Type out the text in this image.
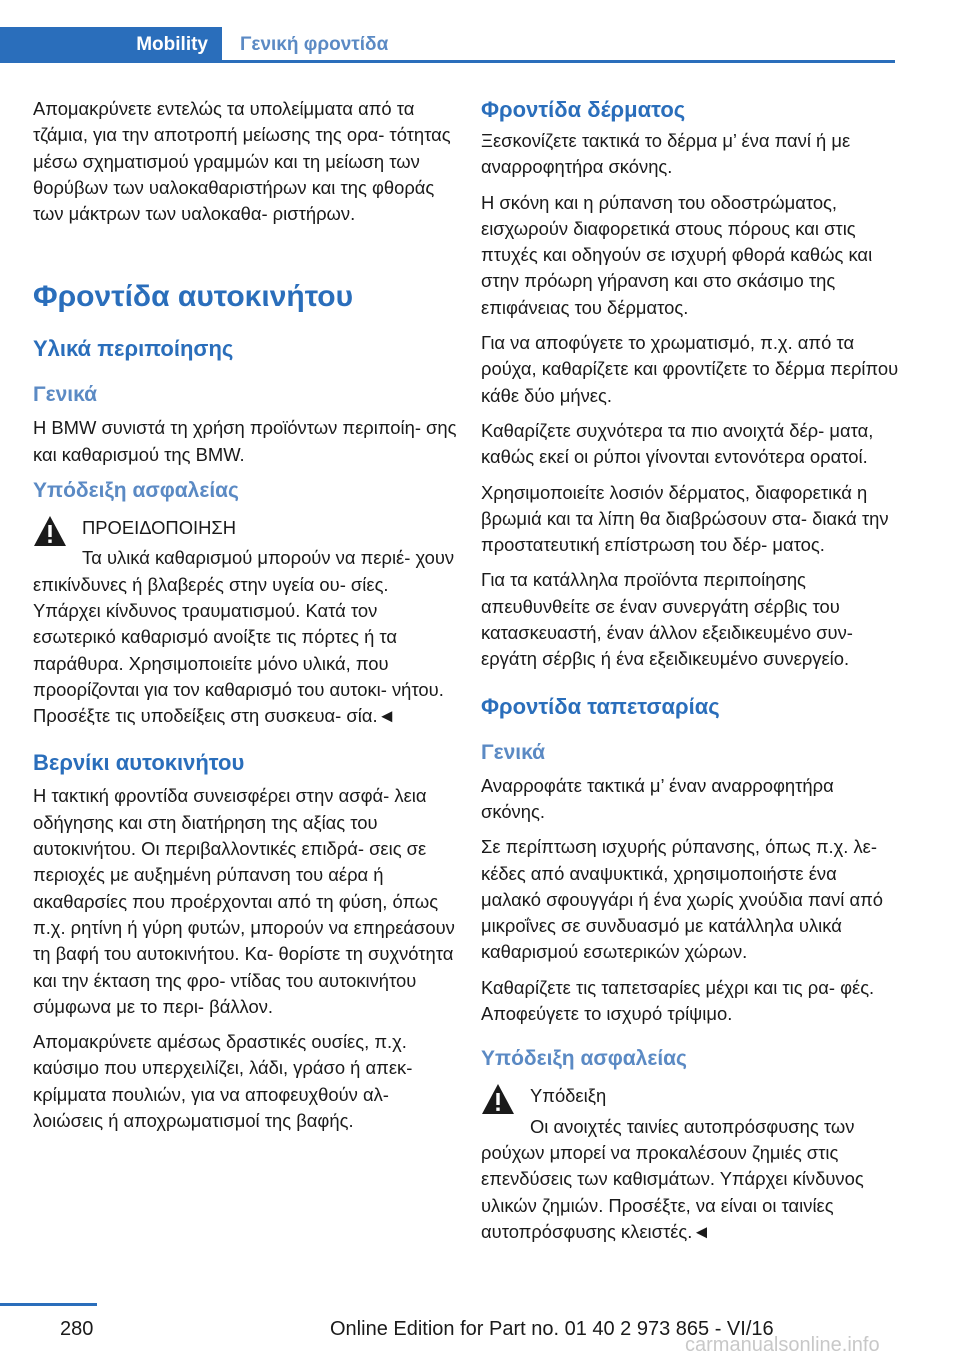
Mobility	Γενική φροντίδα

Απομακρύνετε εντελώς τα υπολείμματα από τα τζάμια, για την αποτροπή μείωσης της ορα- τότητας μέσω σχηματισμού γραμμών και τη μείωση των θορύβων των υαλοκαθαριστήρων και της φθοράς των μάκτρων των υαλοκαθα- ριστήρων.

Φροντίδα αυτοκινήτου
Υλικά περιποίησης
Γενικά

Η BMW συνιστά τη χρήση προϊόντων περιποίη- σης και καθαρισμού της BMW.

Υπόδειξη ασφαλείας

ΠΡΟΕΙΔΟΠΟΙΗΣΗ

Τα υλικά καθαρισμού μπορούν να περιέ- χουν επικίνδυνες ή βλαβερές στην υγεία ου- σίες. Υπάρχει κίνδυνος τραυματισμού. Κατά τον εσωτερικό καθαρισμό ανοίξτε τις πόρτες ή τα παράθυρα. Χρησιμοποιείτε μόνο υλικά, που προορίζονται για τον καθαρισμό του αυτοκι- νήτου. Προσέξτε τις υποδείξεις στη συσκευα- σία.◄

Βερνίκι αυτοκινήτου

Η τακτική φροντίδα συνεισφέρει στην ασφά- λεια οδήγησης και στη διατήρηση της αξίας του αυτοκινήτου. Οι περιβαλλοντικές επιδρά- σεις σε περιοχές με αυξημένη ρύπανση του αέρα ή ακαθαρσίες που προέρχονται από τη φύση, όπως π.χ. ρητίνη ή γύρη φυτών, μπορούν να επηρεάσουν τη βαφή του αυτοκινήτου. Κα- θορίστε τη συχνότητα και την έκταση της φρο- ντίδας του αυτοκινήτου σύμφωνα με το περι- βάλλον.

Απομακρύνετε αμέσως δραστικές ουσίες, π.χ. καύσιμο που υπερχειλίζει, λάδι, γράσο ή απεκ- κρίμματα πουλιών, για να αποφευχθούν αλ- λοιώσεις ή αποχρωματισμοί της βαφής.

Φροντίδα δέρματος

Ξεσκονίζετε τακτικά το δέρμα μ’ ένα πανί ή με αναρροφητήρα σκόνης.

Η σκόνη και η ρύπανση του οδοστρώματος, εισχωρούν διαφορετικά στους πόρους και στις πτυχές και οδηγούν σε ισχυρή φθορά καθώς και στην πρόωρη γήρανση και στο σκάσιμο της επιφάνειας του δέρματος.

Για να αποφύγετε το χρωματισμό, π.χ. από τα ρούχα, καθαρίζετε και φροντίζετε το δέρμα περίπου κάθε δύο μήνες.

Καθαρίζετε συχνότερα τα πιο ανοιχτά δέρ- ματα, καθώς εκεί οι ρύποι γίνονται εντονότερα ορατοί.

Χρησιμοποιείτε λοσιόν δέρματος, διαφορετικά η βρωμιά και τα λίπη θα διαβρώσουν στα- διακά την προστατευτική επίστρωση του δέρ- ματος.

Για τα κατάλληλα προϊόντα περιποίησης απευθυνθείτε σε έναν συνεργάτη σέρβις του κατασκευαστή, έναν άλλον εξειδικευμένο συν- εργάτη σέρβις ή ένα εξειδικευμένο συνεργείο.

Φροντίδα ταπετσαρίας
Γενικά

Αναρροφάτε τακτικά μ’ έναν αναρροφητήρα σκόνης.

Σε περίπτωση ισχυρής ρύπανσης, όπως π.χ. λε- κέδες από αναψυκτικά, χρησιμοποιήστε ένα μαλακό σφουγγάρι ή ένα χωρίς χνούδια πανί από μικροΐνες σε συνδυασμό με κατάλληλα υλικά καθαρισμού εσωτερικών χώρων.

Καθαρίζετε τις ταπετσαρίες μέχρι και τις ρα- φές. Αποφεύγετε το ισχυρό τρίψιμο.

Υπόδειξη ασφαλείας

Υπόδειξη

Οι ανοιχτές ταινίες αυτοπρόσφυσης των ρούχων μπορεί να προκαλέσουν ζημιές στις επενδύσεις των καθισμάτων. Υπάρχει κίνδυνος υλικών ζημιών. Προσέξτε, να είναι οι ταινίες αυτοπρόσφυσης κλειστές.◄

280	Online Edition for Part no. 01 40 2 973 865 - VI/16
carmanualsonline.info
